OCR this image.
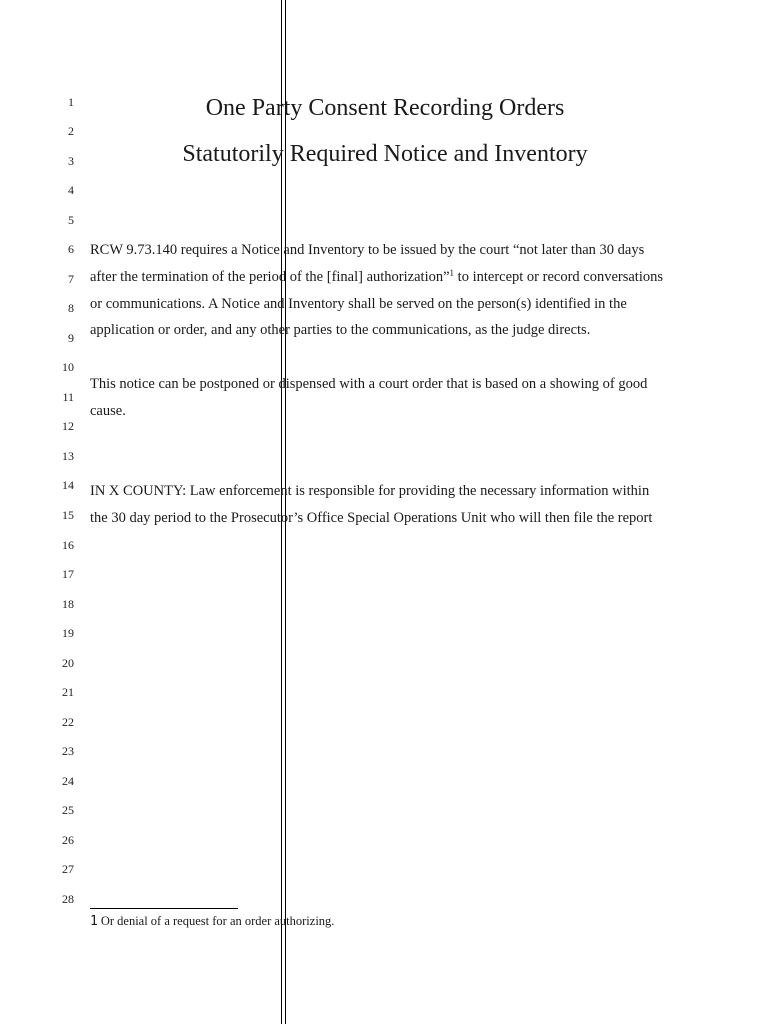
1
2
3
4
5
6
7
8
9
10
11
12
13
14
15
16
17
18
19
20
21
22
23
24
25
26
27
28
One Party Consent Recording Orders
Statutorily Required Notice and Inventory
RCW 9.73.140 requires a Notice and Inventory to be issued by the court “not later than 30 days
after the termination of the period of the [final] authorization”$^1$ to intercept or record conversations
or communications. A Notice and Inventory shall be served on the person(s) identified in the
application or order, and any other parties to the communications, as the judge directs.
This notice can be postponed or dispensed with a court order that is based on a showing of good
cause.
IN X COUNTY: Law enforcement is responsible for providing the necessary information within
the 30 day period to the Prosecutor’s Office Special Operations Unit who will then file the report
1 Or denial of a request for an order authorizing.
